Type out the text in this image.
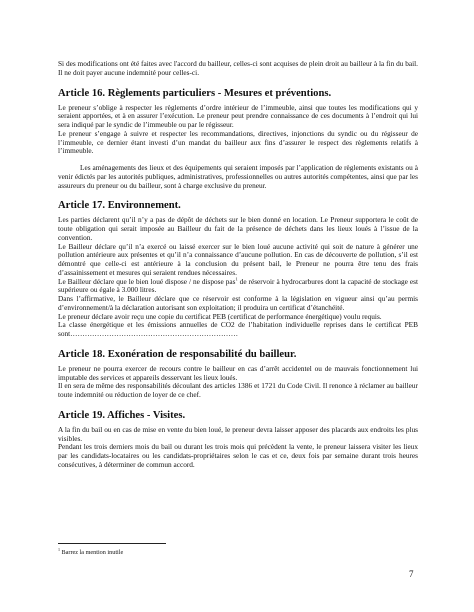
Si des modifications ont été faites avec l'accord du bailleur, celles-ci sont acquises de plein droit au bailleur à la fin du bail. Il ne doit payer aucune indemnité pour celles-ci.

Article 16. Règlements particuliers - Mesures et préventions.

Le preneur s’oblige à respecter les règlements d’ordre intérieur de l’immeuble, ainsi que toutes les modifications qui y seraient apportées, et à en assurer l’exécution. Le preneur peut prendre connaissance de ces documents à l’endroit qui lui sera indiqué par le syndic de l’immeuble ou par le régisseur.

Le preneur s’engage à suivre et respecter les recommandations, directives, injonctions du syndic ou du régisseur de l’immeuble, ce dernier étant investi d’un mandat du bailleur aux fins d’assurer le respect des règlements relatifs à l’immeuble.

Les aménagements des lieux et des équipements qui seraient imposés par l’application de règlements existants ou à venir édictés par les autorités publiques, administratives, professionnelles ou autres autorités compétentes, ainsi que par les assureurs du preneur ou du bailleur, sont à charge exclusive du preneur.

Article 17. Environnement.

Les parties déclarent qu’il n’y a pas de dépôt de déchets sur le bien donné en location. Le Preneur supportera le coût de toute obligation qui serait imposée au Bailleur du fait de la présence de déchets dans les lieux loués à l’issue de la convention.

Le Bailleur déclare qu’il n’a exercé ou laissé exercer sur le bien loué aucune activité qui soit de nature à générer une pollution antérieure aux présentes et qu’il n’a connaissance d’aucune pollution. En cas de découverte de pollution, s’il est démontré que celle-ci est antérieure à la conclusion du présent bail, le Preneur ne pourra être tenu des frais d’assainissement et mesures qui seraient rendues nécessaires.

Le Bailleur déclare que le bien loué dispose / ne dispose pas$^1$ de réservoir à hydrocarbures dont la capacité de stockage est supérieure ou égale à 3.000 litres.

Dans l’affirmative, le Bailleur déclare que ce réservoir est conforme à la législation en vigueur ainsi qu’au permis d’environnement/à la déclaration autorisant son exploitation; il produira un certificat d’étanchéité.

Le preneur déclare avoir reçu une copie du certificat PEB (certificat de performance énergétique) voulu requis.

La classe énergétique et les émissions annuelles de CO2 de l’habitation individuelle reprises dans le certificat PEB sont……………………………………………………………

Article 18. Exonération de responsabilité du bailleur.

Le preneur ne pourra exercer de recours contre le bailleur en cas d’arrêt accidentel ou de mauvais fonctionnement lui imputable des services et appareils desservant les lieux loués.

Il en sera de même des responsabilités découlant des articles 1386 et 1721 du Code Civil. Il renonce à réclamer au bailleur toute indemnité ou réduction de loyer de ce chef.

Article 19. Affiches - Visites.

A la fin du bail ou en cas de mise en vente du bien loué, le preneur devra laisser apposer des placards aux endroits les plus visibles.

Pendant les trois derniers mois du bail ou durant les trois mois qui précèdent la vente, le preneur laissera visiter les lieux par les candidats-locataires ou les candidats-propriétaires selon le cas et ce, deux fois par semaine durant trois heures consécutives, à déterminer de commun accord.

$^1$ Barrez la mention inutile
7
